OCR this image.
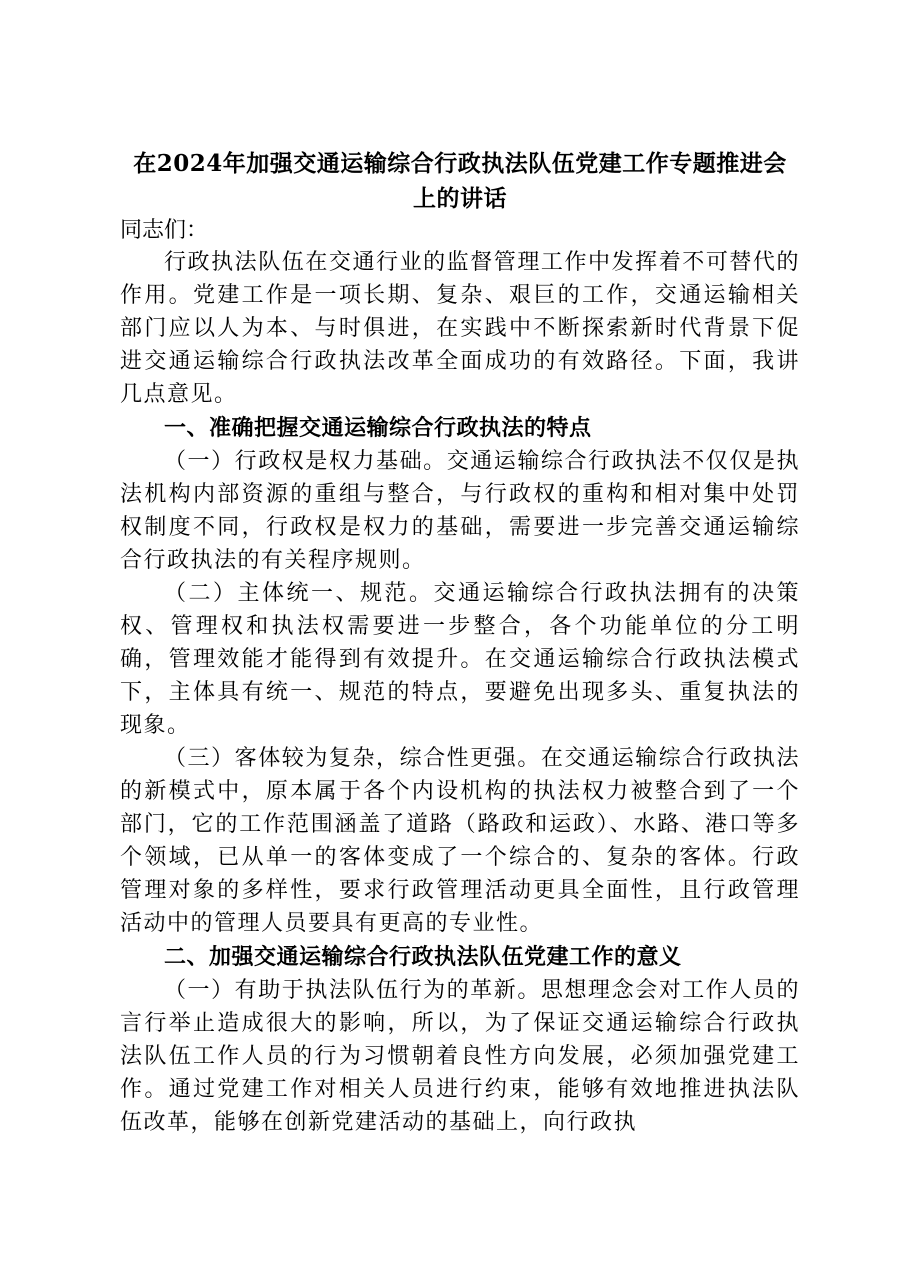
在2024年加强交通运输综合行政执法队伍党建工作专题推进会
上的讲话

同志们：

行政执法队伍在交通行业的监督管理工作中发挥着不可替代的作用。党建工作是一项长期、复杂、艰巨的工作，交通运输相关部门应以人为本、与时俱进，在实践中不断探索新时代背景下促进交通运输综合行政执法改革全面成功的有效路径。下面，我讲几点意见。

一、准确把握交通运输综合行政执法的特点

（一）行政权是权力基础。交通运输综合行政执法不仅仅是执法机构内部资源的重组与整合，与行政权的重构和相对集中处罚权制度不同，行政权是权力的基础，需要进一步完善交通运输综合行政执法的有关程序规则。

（二）主体统一、规范。交通运输综合行政执法拥有的决策权、管理权和执法权需要进一步整合，各个功能单位的分工明确，管理效能才能得到有效提升。在交通运输综合行政执法模式下，主体具有统一、规范的特点，要避免出现多头、重复执法的现象。

（三）客体较为复杂，综合性更强。在交通运输综合行政执法的新模式中，原本属于各个内设机构的执法权力被整合到了一个部门，它的工作范围涵盖了道路（路政和运政）、水路、港口等多个领域，已从单一的客体变成了一个综合的、复杂的客体。行政管理对象的多样性，要求行政管理活动更具全面性，且行政管理活动中的管理人员要具有更高的专业性。

二、加强交通运输综合行政执法队伍党建工作的意义

（一）有助于执法队伍行为的革新。思想理念会对工作人员的言行举止造成很大的影响，所以，为了保证交通运输综合行政执法队伍工作人员的行为习惯朝着良性方向发展，必须加强党建工作。通过党建工作对相关人员进行约束，能够有效地推进执法队伍改革，能够在创新党建活动的基础上，向行政执
